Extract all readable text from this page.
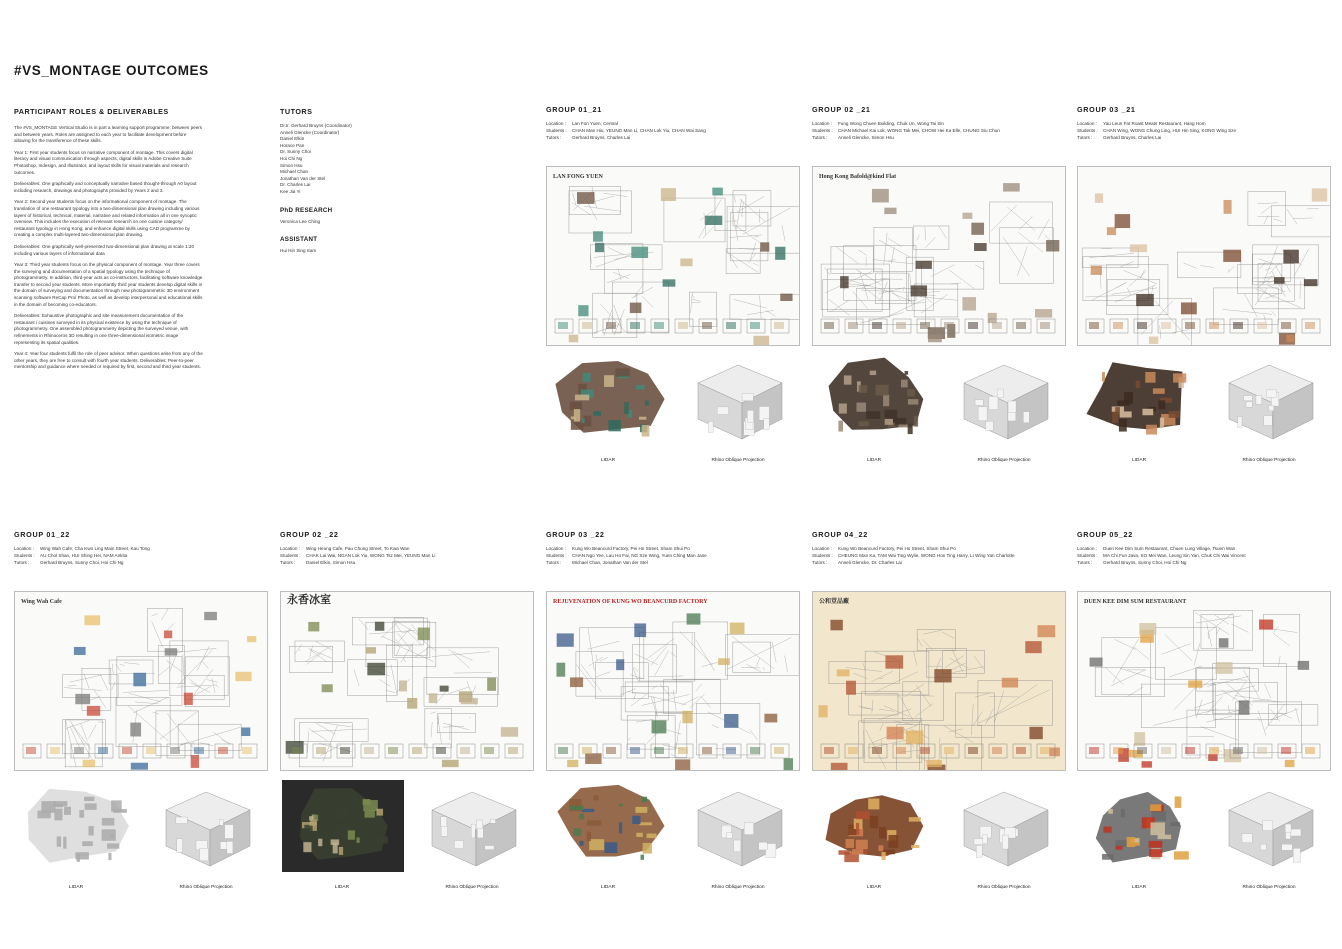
#VS_MONTAGE OUTCOMES
PARTICIPANT ROLES & DELIVERABLES

The #VS_MONTAGE Vertical Studio is in part a learning support programme, between peers and between years. Roles are assigned to each year to facilitate development before allowing for the transference of these skills.

Year 1: First year students focus on narrative component of montage. This covers digital literacy and visual communication through aspects, digital skills in Adobe Creative Suite Photoshop, Indesign, and Illustrator, and layout skills for visual materials and research outcomes.

Deliverables: One graphically and conceptually narrative based thought-through A0 layout including research, drawings and photographs provided by Years 2 and 3.

Year 2: Second year students focus on the informational component of montage. The translation of one restaurant typology into a two-dimensional plan drawing including various layers of historical, technical, material, narrative and related information all in one synoptic overview. This includes the execution of relevant research on one cuisine category/ restaurant typology in Hong Kong; and enhance digital skills using CAD programme by creating a complex multi-layered two-dimensional plan drawing.

Deliverables: One graphically well-presented two-dimensional plan drawing at scale 1:20 including various layers of informational data

Year 3: Third year students focus on the physical component of montage. Year three covers the surveying and documentation of a spatial typology using the technique of photogrammetry. In addition, third-year acts as co-instructors, facilitating software knowledge transfer to second year students. More importantly third year students develop digital skills in the domain of surveying and documentation through new photogrammetric 3D environment scanning software ReCap Pro/ Photo, as well as develop interpersonal and educational skills in the domain of becoming co-educators.

Deliverables: Exhaustive photographic and site measurement documentation of the restaurant / cuisines surveyed in its physical existence by using the technique of photogrammetry. One assembled photogrammetry depicting the surveyed venue, with refinements in Rhinoceros 3D resulting in one three-dimensional isometric image representing its spatial qualities.

Year 4: Year four students fulfil the role of peer advisor. When questions arise from any of the other years, they are free to consult with fourth year students. Deliverables: Peer-to-peer mentorship and guidance where needed or required by first, second and third year students.

TUTORS
Dr.Ir. Gerhard Bruyns (Coordinator)
Anneli Glencke (Coordinator)
Daniel Elkin
Horace Pan
Dr. Sunny Choi
Hoi Chi Ng
Simon Hsu
Michael Chan
Jonathan Van der Stel
Dr. Charles Lai
Kee Jia Yi
PhD RESEARCH
Veronica Lee Ching
ASSISTANT
Hui Hin Sing Sam
GROUP 01_21
Location :	Lan Fon Yuen, Central
Students :	CHAN Man Hiu, YEUNG Man Li, CHAN Lok Yiu, CHAN Wai Sang
Tutors :	Gerhard Bruyns, Charles Lai
LAN FONG YUEN
LIDAR	Rhino Oblique Projection
GROUP 02 _21
Location :	Fung Wong Chuen Building, Chuk Un, Wong Tai Sin
Students :	CHAN Michael Kai Lok, WONG Tak Mei, CHOW Hei Ka Elle, CHUNG Siu Chun
Tutors :	Anneli Glencke, Simon Hsu
Hong Kong Bafold@kind Flat
LIDAR	Rhino Oblique Projection
GROUP 03 _21
Location :	Yau Leun Fat Roast Meats Restaurant, Hang Hom
Students :	CHAN Wing, WONG Chung Ling, HUI Hin Sing, KONG Wing Sze
Tutors :	Gerhard Bruyns, Charles Lai
LIDAR	Rhino Oblique Projection
GROUP 01_22
Location :	Wing Wah Cafe, Cha Kwo Ling Main Street, Kau Tong
Students :	AU Chol Shan, HUI Shing Hei, NAM Ankita
Tutors :	Gerhard Bruyns, Sunny Choi, Hoi Chi Ng
Wing Wah Cafe
LIDAR	Rhino Oblique Projection
GROUP 02 _22
Location :	Wing Heung Cafe, Pau Chung Street, To Kwa Wan
Students :	CHAK Lai Wai, NGAN Lok Yiu, WONG Tsz Mei, YEUNG Man Li
Tutors :	Daniel Elkin, Simon Hsu
永香冰室
LIDAR	Rhino Oblique Projection
GROUP 03 _22
Location :	Kung Wo Beancurd Factory, Pei Ho Street, Sham Shui Po
Students :	CHAN Ngo Yee, Lau Ho Fai, NG Sze Wing, Yuen Ching Man Jane
Tutors :	Michael Chan, Jonathan Van der Stel
REJUVENATION OF KUNG WO BEANCURD FACTORY
LIDAR	Rhino Oblique Projection
GROUP 04_22
Location :	Kung Wo Beancurd Factory, Pei Ho Street, Sham Shui Po
Students :	CHEUNG Man Ka, TAM Wai Ting Wylie, WONG Hon Ting Harry, LI Wing Yan Charlotte
Tutors :	Anneli Glencke, Dr. Charles Lai
公和荳品廠
LIDAR	Rhino Oblique Projection
GROUP 05_22
Location :	Duen Kee Dim Sum Restaurant, Chuen Lung Village, Tsuen Wan
Students :	MA Chi Fun Java, SO Mei Wan, Leung Sin Yan, Chuk Chi Wai Vincent
Tutors :	Gerhard Bruyns, Sunny Choi, Hoi Chi Ng
DUEN KEE DIM SUM RESTAURANT
LIDAR	Rhino Oblique Projection
